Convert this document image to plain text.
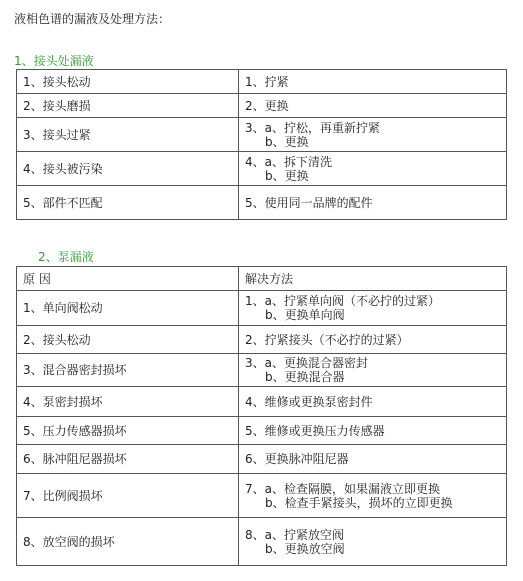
液相色谱的漏液及处理方法：
1、接头处漏液
1、接头松动	1、拧紧

2、接头磨损	2、更换

3、接头过紧	3、a、拧松，再重新拧紧
b、更换

4、接头被污染	4、a、拆下清洗
b、更换

5、部件不匹配	5、使用同一品牌的配件
2、泵漏液
原 因	解决方法
1、单向阀松动	1、a、拧紧单向阀（不必拧的过紧）
b、更换单向阀

2、接头松动	2、拧紧接头（不必拧的过紧）

3、混合器密封损坏	3、a、更换混合器密封
b、更换混合器

4、泵密封损坏	4、维修或更换泵密封件

5、压力传感器损坏	5、维修或更换压力传感器

6、脉冲阻尼器损坏	6、更换脉冲阻尼器

7、比例阀损坏	7、a、检查隔膜，如果漏液立即更换
b、检查手紧接头，损坏的立即更换

8、放空阀的损坏	8、a、拧紧放空阀
b、更换放空阀
